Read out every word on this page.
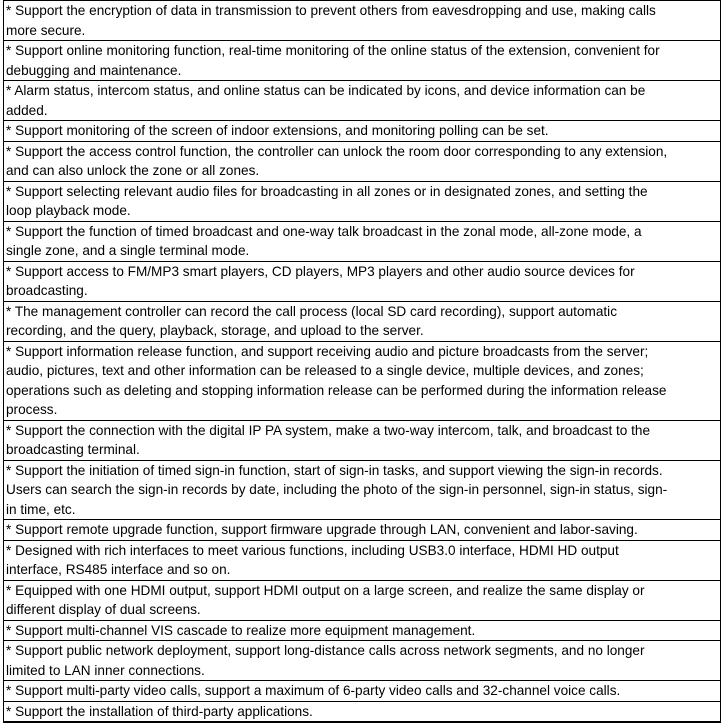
* Support the encryption of data in transmission to prevent others from eavesdropping and use, making calls
more secure.
* Support online monitoring function, real-time monitoring of the online status of the extension, convenient for
debugging and maintenance.
* Alarm status, intercom status, and online status can be indicated by icons, and device information can be
added.
* Support monitoring of the screen of indoor extensions, and monitoring polling can be set.
* Support the access control function, the controller can unlock the room door corresponding to any extension,
and can also unlock the zone or all zones.
* Support selecting relevant audio files for broadcasting in all zones or in designated zones, and setting the
loop playback mode.
* Support the function of timed broadcast and one-way talk broadcast in the zonal mode, all-zone mode, a
single zone, and a single terminal mode.
* Support access to FM/MP3 smart players, CD players, MP3 players and other audio source devices for
broadcasting.
* The management controller can record the call process (local SD card recording), support automatic
recording, and the query, playback, storage, and upload to the server.
* Support information release function, and support receiving audio and picture broadcasts from the server;
audio, pictures, text and other information can be released to a single device, multiple devices, and zones;
operations such as deleting and stopping information release can be performed during the information release
process.
* Support the connection with the digital IP PA system, make a two-way intercom, talk, and broadcast to the
broadcasting terminal.
* Support the initiation of timed sign-in function, start of sign-in tasks, and support viewing the sign-in records.
Users can search the sign-in records by date, including the photo of the sign-in personnel, sign-in status, sign-
in time, etc.
* Support remote upgrade function, support firmware upgrade through LAN, convenient and labor-saving.
* Designed with rich interfaces to meet various functions, including USB3.0 interface, HDMI HD output
interface, RS485 interface and so on.
* Equipped with one HDMI output, support HDMI output on a large screen, and realize the same display or
different display of dual screens.
* Support multi-channel VIS cascade to realize more equipment management.
* Support public network deployment, support long-distance calls across network segments, and no longer
limited to LAN inner connections.
* Support multi-party video calls, support a maximum of 6-party video calls and 32-channel voice calls.
* Support the installation of third-party applications.
